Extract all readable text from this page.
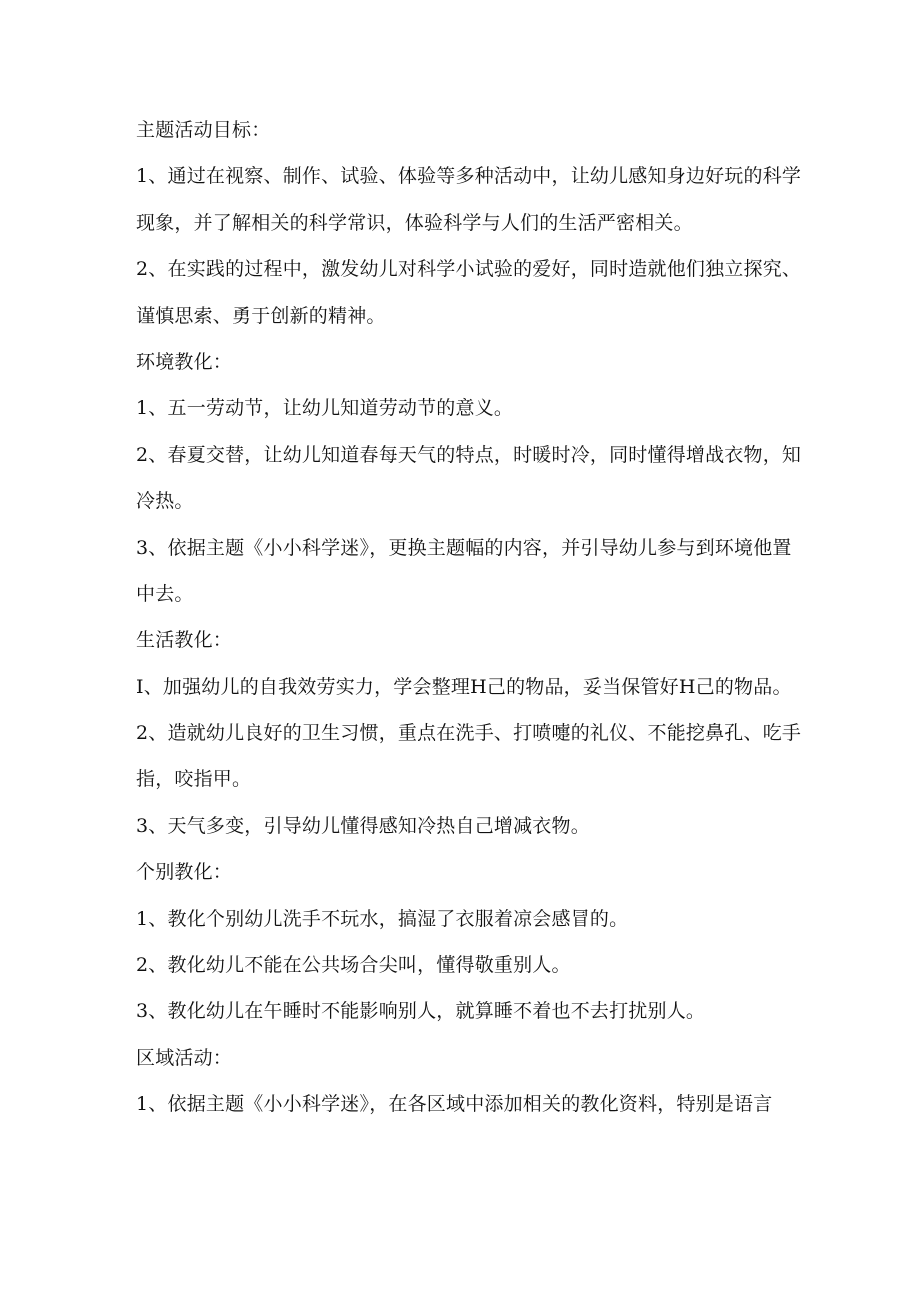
主题活动目标：

1、通过在视察、制作、试验、体验等多种活动中，让幼儿感知身边好玩的科学

现象，并了解相关的科学常识，体验科学与人们的生活严密相关。

2、在实践的过程中，激发幼儿对科学小试验的爱好，同时造就他们独立探究、

谨慎思索、勇于创新的精神。

环境教化：

1、五一劳动节，让幼儿知道劳动节的意义。

2、春夏交替，让幼儿知道春每天气的特点，时暖时冷，同时懂得增战衣物，知

冷热。

3、依据主题《小小科学迷》，更换主题幅的内容，并引导幼儿参与到环境他置

中去。

生活教化：

I、加强幼儿的自我效劳实力，学会整理H己的物品，妥当保管好H己的物品。

2、造就幼儿良好的卫生习惯，重点在洗手、打喷嚏的礼仪、不能挖鼻孔、吃手

指，咬指甲。

3、天气多变，引导幼儿懂得感知冷热自己增减衣物。

个别教化：

1、教化个别幼儿洗手不玩水，搞湿了衣服着凉会感冒的。

2、教化幼儿不能在公共场合尖叫，懂得敬重别人。

3、教化幼儿在午睡时不能影响别人，就算睡不着也不去打扰别人。

区域活动：

1、依据主题《小小科学迷》，在各区域中添加相关的教化资料，特别是语言
